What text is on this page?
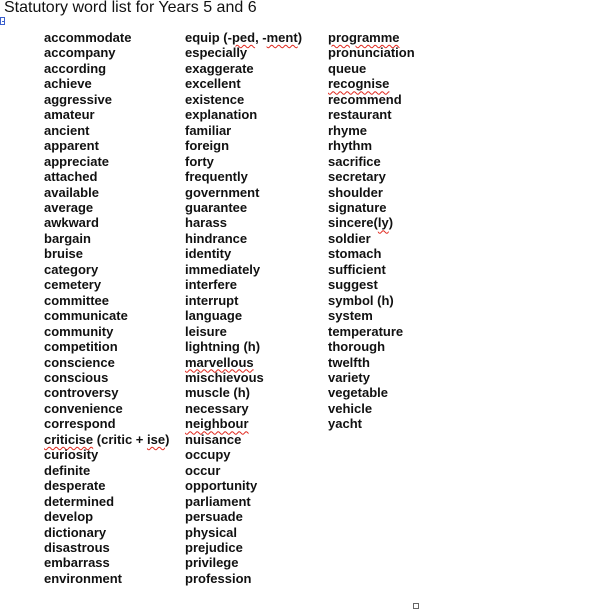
Statutory word list for Years 5 and 6
accommodate
accompany
according
achieve
aggressive
amateur
ancient
apparent
appreciate
attached
available
average
awkward
bargain
bruise
category
cemetery
committee
communicate
community
competition
conscience
conscious
controversy
convenience
correspond
criticise (critic + ise)
curiosity
definite
desperate
determined
develop
dictionary
disastrous
embarrass
environment
equip (-ped, -ment)
especially
exaggerate
excellent
existence
explanation
familiar
foreign
forty
frequently
government
guarantee
harass
hindrance
identity
immediately
interfere
interrupt
language
leisure
lightning (h)
marvellous
mischievous
muscle (h)
necessary
neighbour
nuisance
occupy
occur
opportunity
parliament
persuade
physical
prejudice
privilege
profession
programme
pronunciation
queue
recognise
recommend
restaurant
rhyme
rhythm
sacrifice
secretary
shoulder
signature
sincere(ly)
soldier
stomach
sufficient
suggest
symbol (h)
system
temperature
thorough
twelfth
variety
vegetable
vehicle
yacht
